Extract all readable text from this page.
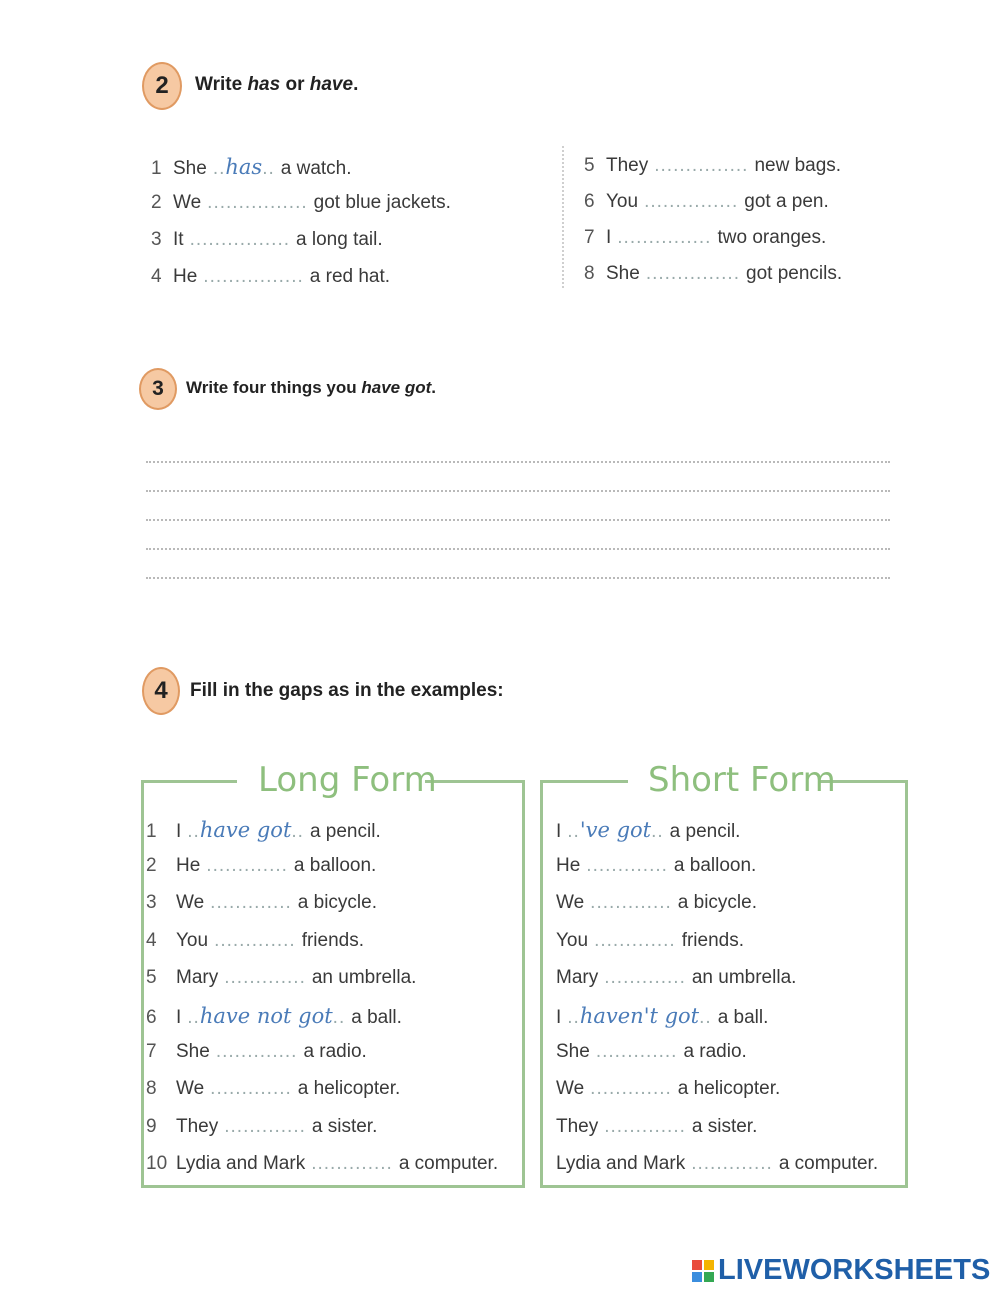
2 Write has or have.
1 She ..has.. a watch.
2 We ................ got blue jackets.
3 It ................ a long tail.
4 He ................ a red hat.
5 They ............... new bags.
6 You ............... got a pen.
7 I ............... two oranges.
8 She ............... got pencils.
3 Write four things you have got.
4 Fill in the gaps as in the examples:
Long Form	Short Form
1	I ..have got.. a pencil.
2	He ............. a balloon.
3	We ............. a bicycle.
4	You ............. friends.
5	Mary ............. an umbrella.
6	I ..have not got.. a ball.
7	She ............. a radio.
8	We ............. a helicopter.
9	They ............. a sister.
10 Lydia and Mark ............. a computer.
I ..'ve got.. a pencil.
He ............. a balloon.
We ............. a bicycle.
You ............. friends.
Mary ............. an umbrella.
I ..haven't got.. a ball.
She ............. a radio.
We ............. a helicopter.
They ............. a sister.
Lydia and Mark ............. a computer.
LIVEWORKSHEETS
